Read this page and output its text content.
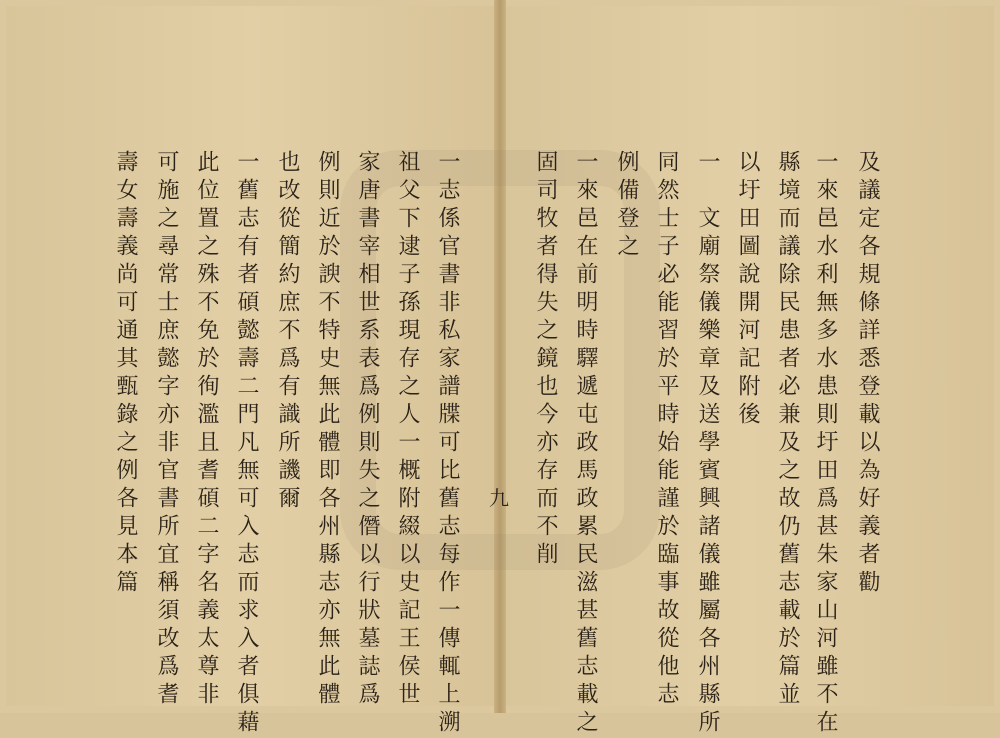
及議定各規條詳悉登載以為好義者勸
一來邑水利無多水患則圩田爲甚朱家山河雖不在
縣境而議除民患者必兼及之故仍舊志載於篇並
以圩田圖說開河記附後
一　文廟祭儀樂章及送學賓興諸儀雖屬各州縣所
同然士子必能習於平時始能謹於臨事故從他志
例備登之
一來邑在前明時驛遞屯政馬政累民滋甚舊志載之
固司牧者得失之鏡也今亦存而不削
九
一志係官書非私家譜牒可比舊志每作一傳輒上溯
祖父下逮子孫現存之人一概附綴以史記王侯世
家唐書宰相世系表爲例則失之僭以行狀墓誌爲
例則近於諛不特史無此體即各州縣志亦無此體
也改從簡約庶不爲有識所譏爾
一舊志有者碩懿壽二門凡無可入志而求入者俱藉
此位置之殊不免於徇濫且耆碩二字名義太尊非
可施之尋常士庶懿字亦非官書所宜稱須改爲耆
壽女壽義尚可通其甄錄之例各見本篇
